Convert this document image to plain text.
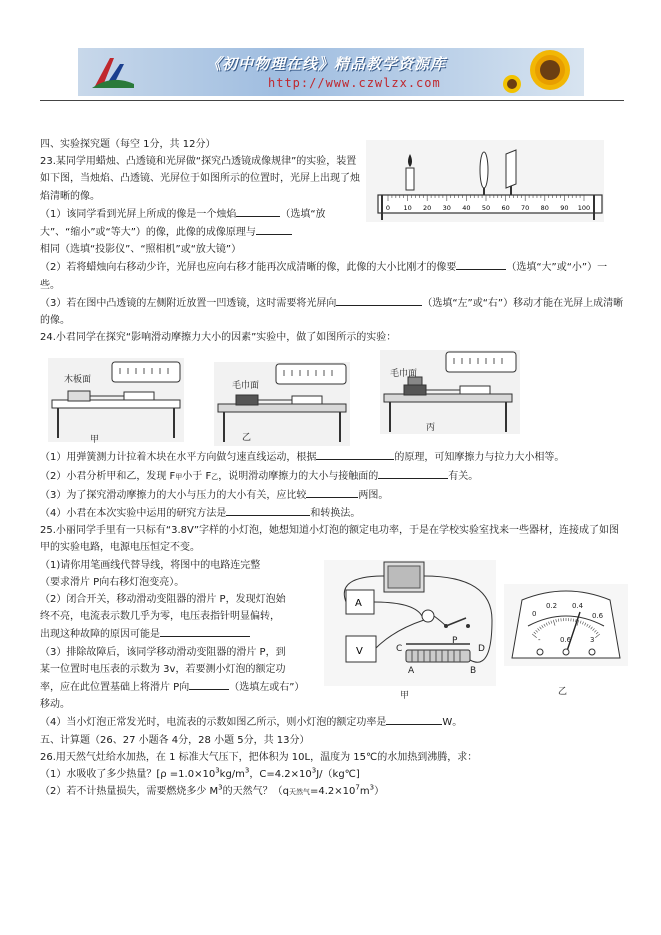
《初中物理在线》精品教学资源库
http://www.czwlzx.com
0 10 20 30 40 50 60 70 80 90 100
木板面
甲
毛巾面
乙
毛巾面
丙
A
V
P
A	B
C	D
甲
0
0.2 0.4
0.6
-	0.6	3
乙

四、实验探究题（每空 1分，共 12分）

23.某同学用蜡烛、凸透镜和光屏做“探究凸透镜成像规律”的实验，装置如下图，当烛焰、凸透镜、光屏位于如图所示的位置时，光屏上出现了烛焰清晰的像。

（1）该同学看到光屏上所成的像是一个烛焰	（选填“放大”、“缩小”或“等大”）的像，此像的成像原理与

相同（选填“投影仪”、“照相机”或“放大镜”）

（2）若将蜡烛向右移动少许，光屏也应向右移才能再次成清晰的像，此像的大小比刚才的像要	（选填“大”或“小”）一些。

（3）若在图中凸透镜的左侧附近放置一凹透镜，这时需要将光屏向	（选填“左”或“右”）移动才能在光屏上成清晰的像。

24.小君同学在探究“影响滑动摩擦力大小的因素”实验中，做了如图所示的实验：

（1）用弹簧测力计拉着木块在水平方向做匀速直线运动，根据	的原理，可知摩擦力与拉力大小相等。

（2）小君分析甲和乙，发现 F甲小于 F乙，说明滑动摩擦力的大小与接触面的	有关。

（3）为了探究滑动摩擦力的大小与压力的大小有关，应比较	两图。

（4）小君在本次实验中运用的研究方法是	和转换法。

25.小丽同学手里有一只标有“3.8V”字样的小灯泡，她想知道小灯泡的额定电功率，于是在学校实验室找来一些器材，连接成了如图甲的实验电路，电源电压恒定不变。

（1)请你用笔画线代替导线，将图中的电路连完整

（要求滑片 P向右移灯泡变亮）。

（2）闭合开关，移动滑动变阻器的滑片 P，发现灯泡始

终不亮，电流表示数几乎为零，电压表指针明显偏转，

出现这种故障的原因可能是

（3）排除故障后，该同学移动滑动变阻器的滑片 P，到

某一位置时电压表的示数为 3v，若要测小灯泡的额定功

率，应在此位置基础上将滑片 P向	（选填左或右”）

移动。

（4）当小灯泡正常发光时，电流表的示数如图乙所示，则小灯泡的额定功率是	W。

五、计算题（26、27 小题各 4分，28 小题 5分，共 13分）

26.用天然气灶给水加热，在 1 标准大气压下，把体积为 10L，温度为 15℃的水加热到沸腾，求：

（1）水吸收了多少热量？[$\rho =1.0\times 10^3kg/m^3$，$C=4.2\times 10^3J/(kg℃]$

（2）若不计热量损失，需要燃烧多少 $M^3$的天然气？（q天然气$=4.2\times 10^7m^3$）
